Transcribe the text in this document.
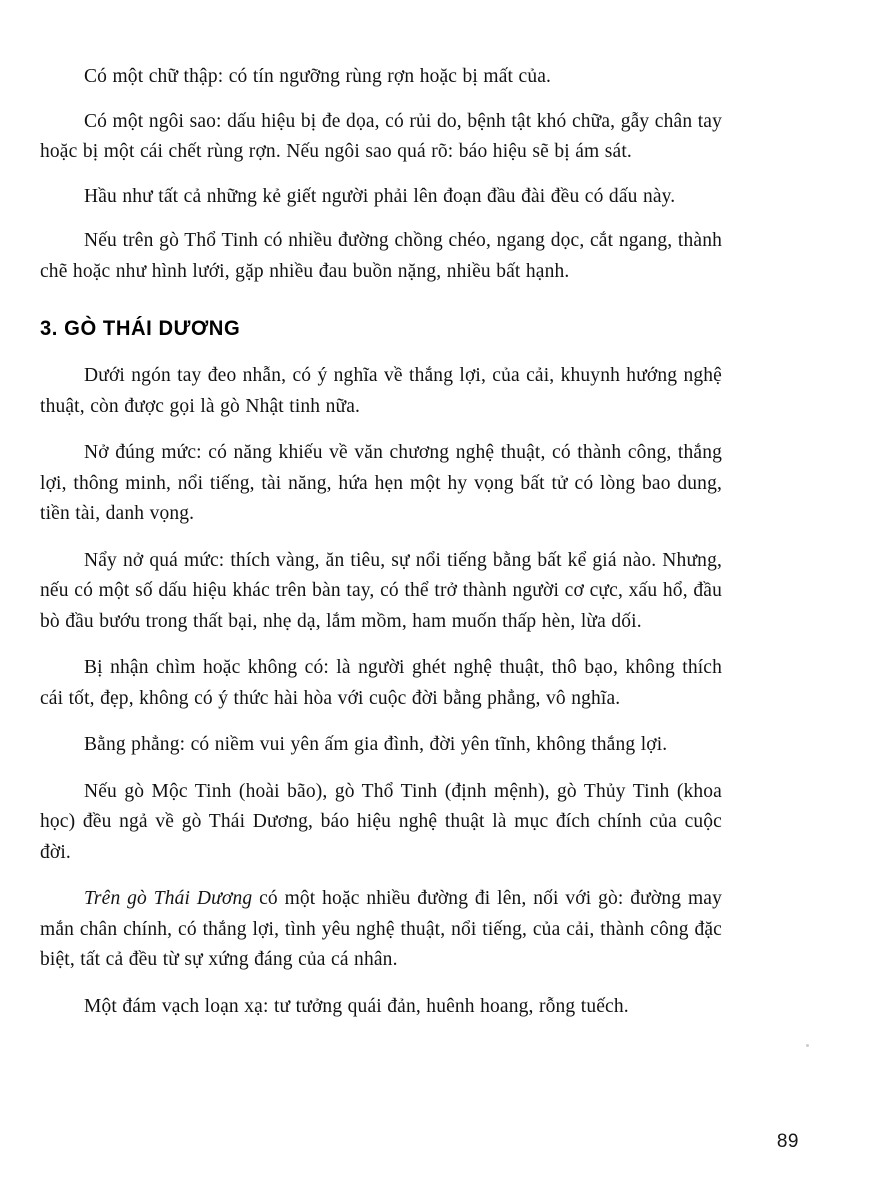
Có một chữ thập: có tín ngưỡng rùng rợn hoặc bị mất của.

Có một ngôi sao: dấu hiệu bị đe dọa, có rủi do, bệnh tật khó chữa, gẫy chân tay hoặc bị một cái chết rùng rợn. Nếu ngôi sao quá rõ: báo hiệu sẽ bị ám sát.

Hầu như tất cả những kẻ giết người phải lên đoạn đầu đài đều có dấu này.

Nếu trên gò Thổ Tinh có nhiều đường chồng chéo, ngang dọc, cắt ngang, thành chẽ hoặc như hình lưới, gặp nhiều đau buồn nặng, nhiều bất hạnh.

3. GÒ THÁI DƯƠNG

Dưới ngón tay đeo nhẫn, có ý nghĩa về thắng lợi, của cải, khuynh hướng nghệ thuật, còn được gọi là gò Nhật tinh nữa.

Nở đúng mức: có năng khiếu về văn chương nghệ thuật, có thành công, thắng lợi, thông minh, nổi tiếng, tài năng, hứa hẹn một hy vọng bất tử có lòng bao dung, tiền tài, danh vọng.

Nẩy nở quá mức: thích vàng, ăn tiêu, sự nổi tiếng bằng bất kể giá nào. Nhưng, nếu có một số dấu hiệu khác trên bàn tay, có thể trở thành người cơ cực, xấu hổ, đầu bò đầu bướu trong thất bại, nhẹ dạ, lắm mồm, ham muốn thấp hèn, lừa dối.

Bị nhận chìm hoặc không có: là người ghét nghệ thuật, thô bạo, không thích cái tốt, đẹp, không có ý thức hài hòa với cuộc đời bằng phẳng, vô nghĩa.

Bằng phẳng: có niềm vui yên ấm gia đình, đời yên tĩnh, không thắng lợi.

Nếu gò Mộc Tinh (hoài bão), gò Thổ Tinh (định mệnh), gò Thủy Tinh (khoa học) đều ngả về gò Thái Dương, báo hiệu nghệ thuật là mục đích chính của cuộc đời.

Trên gò Thái Dương có một hoặc nhiều đường đi lên, nối với gò: đường may mắn chân chính, có thắng lợi, tình yêu nghệ thuật, nổi tiếng, của cải, thành công đặc biệt, tất cả đều từ sự xứng đáng của cá nhân.

Một đám vạch loạn xạ: tư tưởng quái đản, huênh hoang, rỗng tuếch.

89
